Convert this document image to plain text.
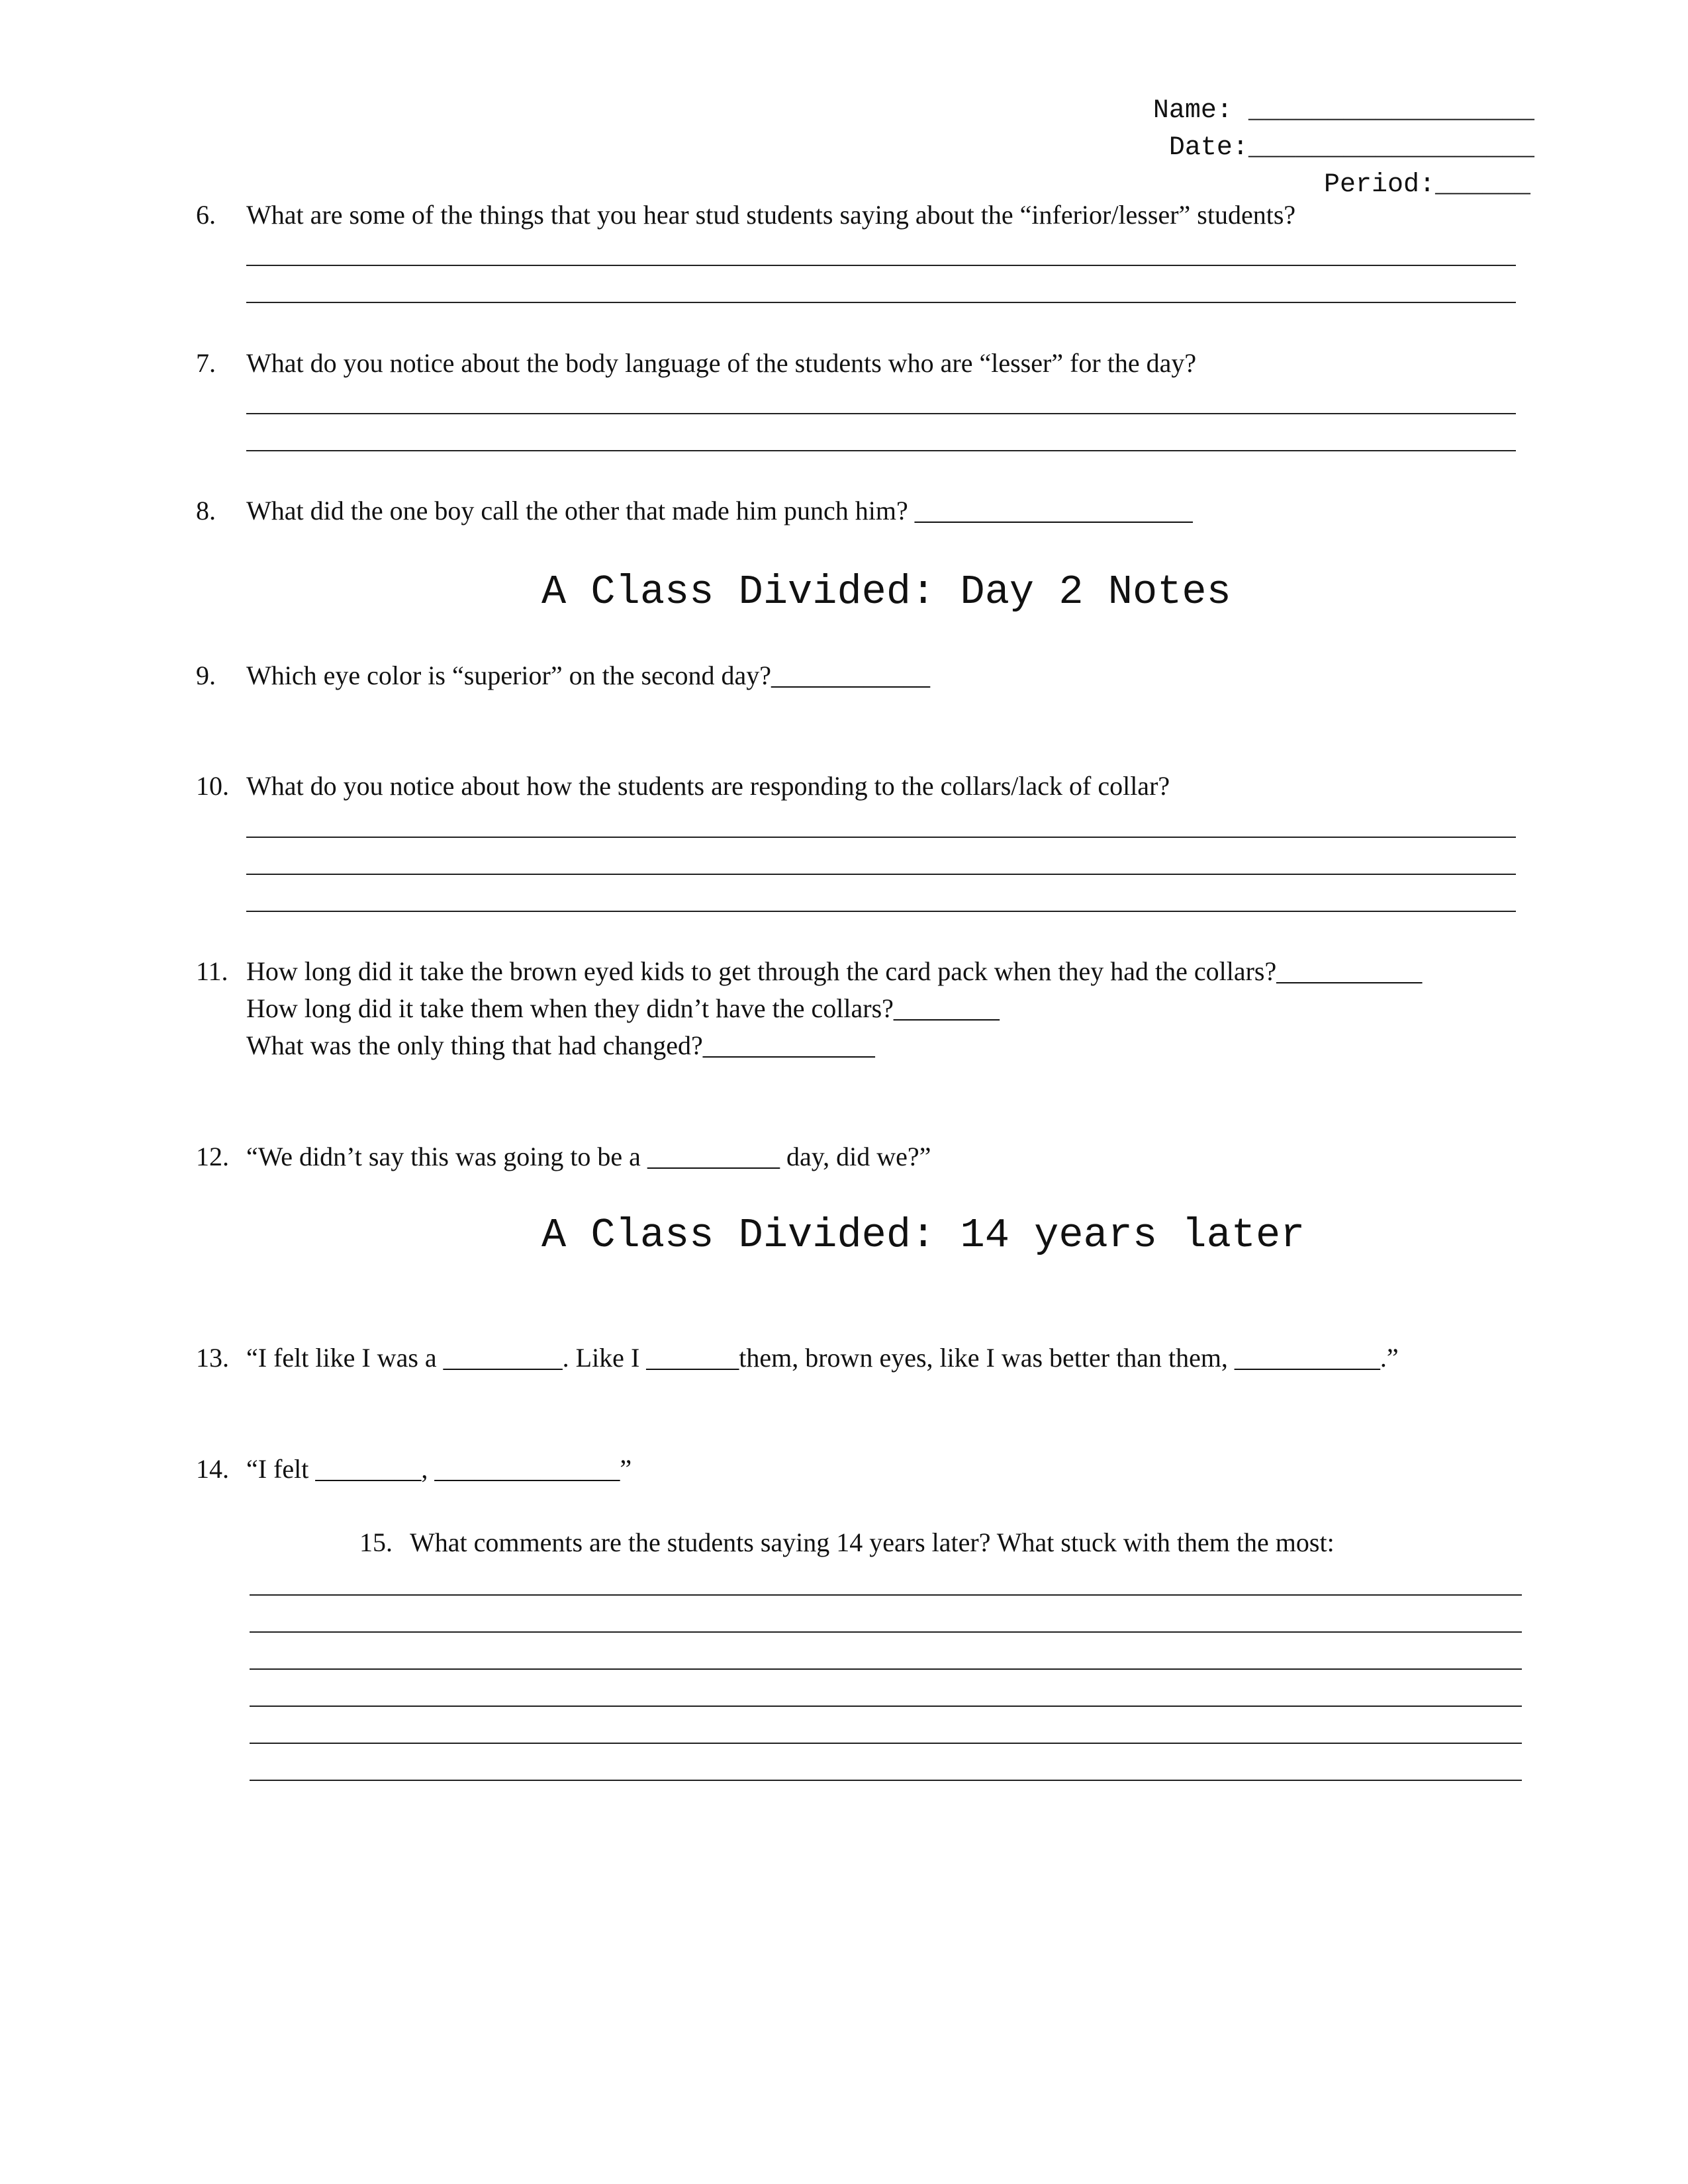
Name: __________________

Date:__________________

Period:______

6.

What are some of the things that you hear stud students saying about the “inferior/lesser” students?

7.

What do you notice about the body language of the students who are “lesser” for the day?

8.

What did the one boy call the other that made him punch him? _____________________

A Class Divided: Day 2 Notes

9.

Which eye color is “superior” on the second day?____________

10.

What do you notice about how the students are responding to the collars/lack of collar?

11.

How long did it take the brown eyed kids to get through the card pack when they had the collars?___________

How long did it take them when they didn’t have the collars?________

What was the only thing that had changed?_____________

12.

“We didn’t say this was going to be a __________ day, did we?”

A Class Divided: 14 years later

13.

“I felt like I was a _________. Like I _______them, brown eyes, like I was better than them, ___________.”

14.

“I felt ________, ______________”

15.

What comments are the students saying 14 years later? What stuck with them the most:
